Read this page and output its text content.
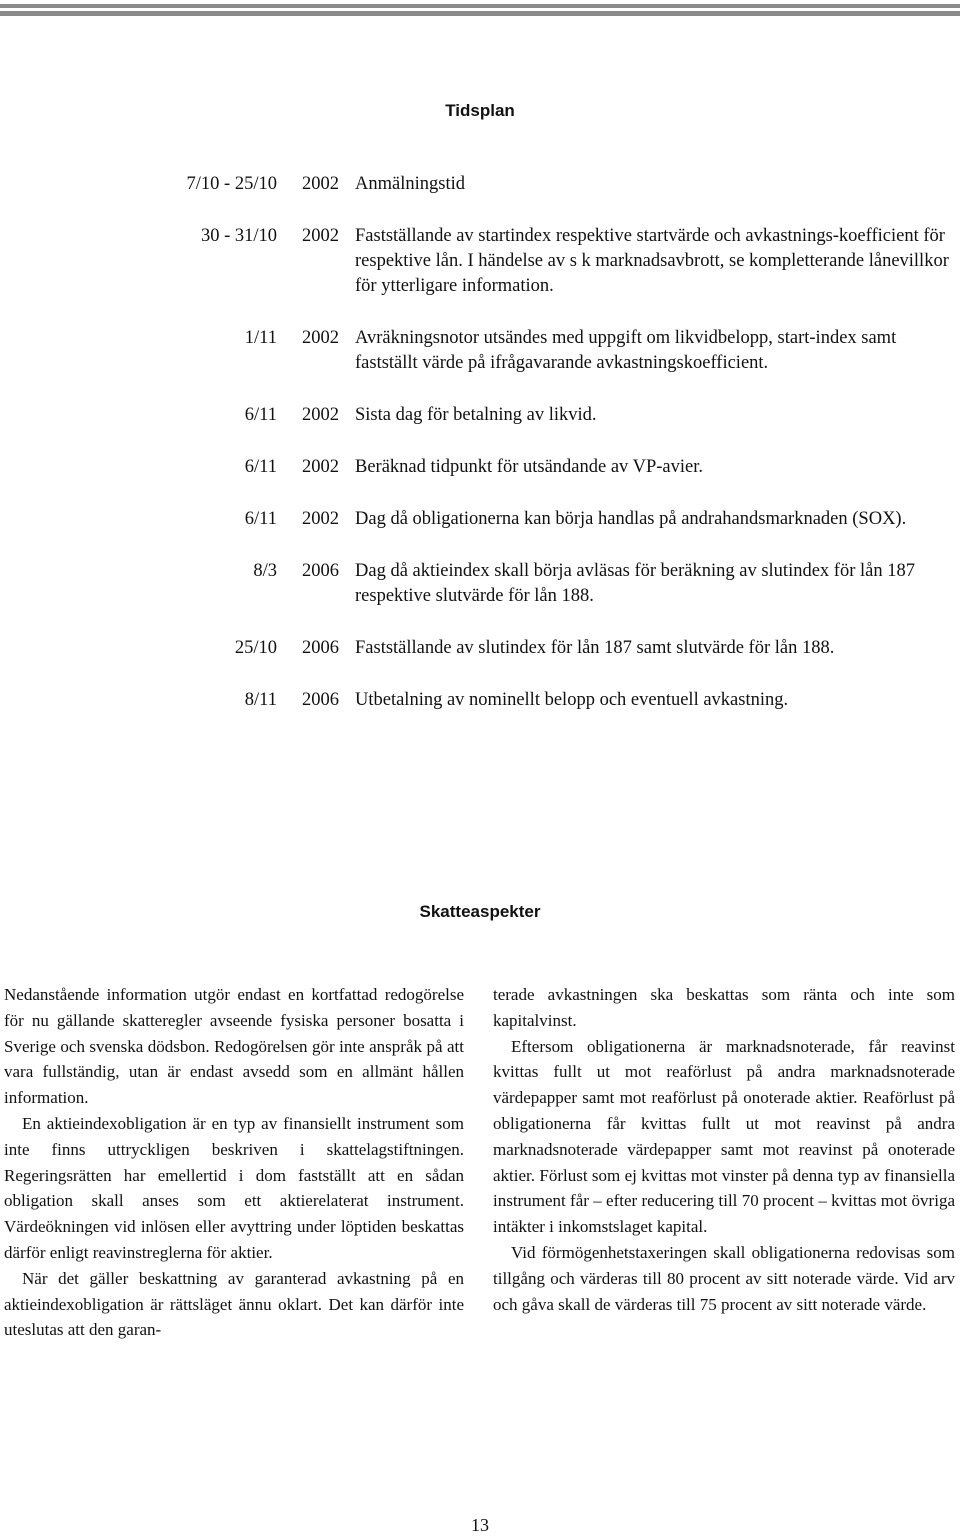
Tidsplan
7/10 - 25/10	2002 Anmälningstid
30 - 31/10	2002 Fastställande av startindex respektive startvärde och avkastnings-koefficient för respektive lån. I händelse av s k marknadsavbrott, se kompletterande lånevillkor för ytterligare information.
1/11	2002 Avräkningsnotor utsändes med uppgift om likvidbelopp, start-index samt fastställt värde på ifrågavarande avkastningskoefficient.
6/11	2002 Sista dag för betalning av likvid.
6/11	2002 Beräknad tidpunkt för utsändande av VP-avier.
6/11	2002 Dag då obligationerna kan börja handlas på andrahandsmarknaden (SOX).
8/3	2006 Dag då aktieindex skall börja avläsas för beräkning av slutindex för lån 187 respektive slutvärde för lån 188.
25/10	2006 Fastställande av slutindex för lån 187 samt slutvärde för lån 188.
8/11	2006 Utbetalning av nominellt belopp och eventuell avkastning.
Skatteaspekter

Nedanstående information utgör endast en kortfattad redogörelse för nu gällande skatteregler avseende fysiska personer bosatta i Sverige och svenska dödsbon. Redogörelsen gör inte anspråk på att vara fullständig, utan är endast avsedd som en allmänt hållen information.

En aktieindexobligation är en typ av finansiellt instrument som inte finns uttryckligen beskriven i skattelagstiftningen. Regeringsrätten har emellertid i dom fastställt att en sådan obligation skall anses som ett aktierelaterat instrument. Värdeökningen vid inlösen eller avyttring under löptiden beskattas därför enligt reavinstreglerna för aktier.

När det gäller beskattning av garanterad avkastning på en aktieindexobligation är rättsläget ännu oklart. Det kan därför inte uteslutas att den garan-

terade avkastningen ska beskattas som ränta och inte som kapitalvinst.

Eftersom obligationerna är marknadsnoterade, får reavinst kvittas fullt ut mot reaförlust på andra marknadsnoterade värdepapper samt mot reaförlust på onoterade aktier. Reaförlust på obligationerna får kvittas fullt ut mot reavinst på andra marknadsnoterade värdepapper samt mot reavinst på onoterade aktier. Förlust som ej kvittas mot vinster på denna typ av finansiella instrument får – efter reducering till 70 procent – kvittas mot övriga intäkter i inkomstslaget kapital.

Vid förmögenhetstaxeringen skall obligationerna redovisas som tillgång och värderas till 80 procent av sitt noterade värde. Vid arv och gåva skall de värderas till 75 procent av sitt noterade värde.

13
